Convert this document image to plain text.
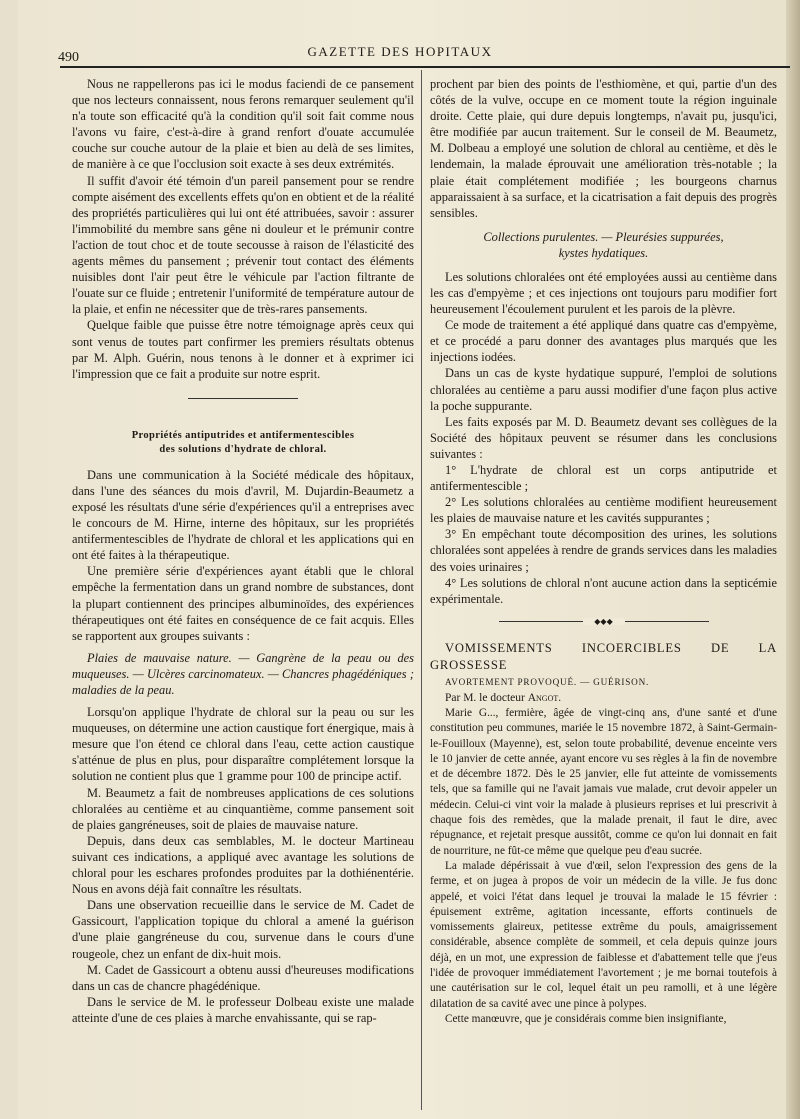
490	GAZETTE DES HOPITAUX

Nous ne rappellerons pas ici le modus faciendi de ce pansement que nos lecteurs connaissent, nous ferons remarquer seulement qu'il n'a toute son efficacité qu'à la condition qu'il soit fait comme nous l'avons vu faire, c'est-à-dire à grand renfort d'ouate accumulée couche sur couche autour de la plaie et bien au delà de ses limites, de manière à ce que l'occlusion soit exacte à ses deux extrémités.

Il suffit d'avoir été témoin d'un pareil pansement pour se rendre compte aisément des excellents effets qu'on en obtient et de la réalité des propriétés particulières qui lui ont été attribuées, savoir : assurer l'immobilité du membre sans gêne ni douleur et le prémunir contre l'action de tout choc et de toute secousse à raison de l'élasticité des agents mêmes du pansement ; prévenir tout contact des éléments nuisibles dont l'air peut être le véhicule par l'action filtrante de l'ouate sur ce fluide ; entretenir l'uniformité de température autour de la plaie, et enfin ne nécessiter que de très-rares pansements.

Quelque faible que puisse être notre témoignage après ceux qui sont venus de toutes part confirmer les premiers résultats obtenus par M. Alph. Guérin, nous tenons à le donner et à exprimer ici l'impression que ce fait a produite sur notre esprit.

Propriétés antiputrides et antifermentescibles
des solutions d'hydrate de chloral.

Dans une communication à la Société médicale des hôpitaux, dans l'une des séances du mois d'avril, M. Dujardin-Beaumetz a exposé les résultats d'une série d'expériences qu'il a entreprises avec le concours de M. Hirne, interne des hôpitaux, sur les propriétés antifermentescibles de l'hydrate de chloral et les applications qui en ont été faites à la thérapeutique.

Une première série d'expériences ayant établi que le chloral empêche la fermentation dans un grand nombre de substances, dont la plupart contiennent des principes albuminoïdes, des expériences thérapeutiques ont été faites en conséquence de ce fait acquis. Elles se rapportent aux groupes suivants :

Plaies de mauvaise nature. — Gangrène de la peau ou des muqueuses. — Ulcères carcinomateux. — Chancres phagédéniques ; maladies de la peau.

Lorsqu'on applique l'hydrate de chloral sur la peau ou sur les muqueuses, on détermine une action caustique fort énergique, mais à mesure que l'on étend ce chloral dans l'eau, cette action caustique s'atténue de plus en plus, pour disparaître complétement lorsque la solution ne contient plus que 1 gramme pour 100 de principe actif.

M. Beaumetz a fait de nombreuses applications de ces solutions chloralées au centième et au cinquantième, comme pansement soit de plaies gangréneuses, soit de plaies de mauvaise nature.

Depuis, dans deux cas semblables, M. le docteur Martineau suivant ces indications, a appliqué avec avantage les solutions de chloral pour les eschares profondes produites par la dothiénentérie. Nous en avons déjà fait connaître les résultats.

Dans une observation recueillie dans le service de M. Cadet de Gassicourt, l'application topique du chloral a amené la guérison d'une plaie gangréneuse du cou, survenue dans le cours d'une rougeole, chez un enfant de dix-huit mois.

M. Cadet de Gassicourt a obtenu aussi d'heureuses modifications dans un cas de chancre phagédénique.

Dans le service de M. le professeur Dolbeau existe une malade atteinte d'une de ces plaies à marche envahissante, qui se rap-

prochent par bien des points de l'esthiomène, et qui, partie d'un des côtés de la vulve, occupe en ce moment toute la région inguinale droite. Cette plaie, qui dure depuis longtemps, n'avait pu, jusqu'ici, être modifiée par aucun traitement. Sur le conseil de M. Beaumetz, M. Dolbeau a employé une solution de chloral au centième, et dès le lendemain, la malade éprouvait une amélioration très-notable ; la plaie était complétement modifiée ; les bourgeons charnus apparaissaient à sa surface, et la cicatrisation a fait depuis des progrès sensibles.

Collections purulentes. — Pleurésies suppurées,
kystes hydatiques.

Les solutions chloralées ont été employées aussi au centième dans les cas d'empyème ; et ces injections ont toujours paru modifier fort heureusement l'écoulement purulent et les parois de la plèvre.

Ce mode de traitement a été appliqué dans quatre cas d'empyème, et ce procédé a paru donner des avantages plus marqués que les injections iodées.

Dans un cas de kyste hydatique suppuré, l'emploi de solutions chloralées au centième a paru aussi modifier d'une façon plus active la poche suppurante.

Les faits exposés par M. D. Beaumetz devant ses collègues de la Société des hôpitaux peuvent se résumer dans les conclusions suivantes :

1° L'hydrate de chloral est un corps antiputride et antifermentescible ;

2° Les solutions chloralées au centième modifient heureusement les plaies de mauvaise nature et les cavités suppurantes ;

3° En empêchant toute décomposition des urines, les solutions chloralées sont appelées à rendre de grands services dans les maladies des voies urinaires ;

4° Les solutions de chloral n'ont aucune action dans la septicémie expérimentale.

◆◆◆

VOMISSEMENTS INCOERCIBLES DE LA GROSSESSE

AVORTEMENT PROVOQUÉ. — GUÉRISON.

Par M. le docteur Angot.

Marie G..., fermière, âgée de vingt-cinq ans, d'une santé et d'une constitution peu communes, mariée le 15 novembre 1872, à Saint-Germain-le-Fouilloux (Mayenne), est, selon toute probabilité, devenue enceinte vers le 10 janvier de cette année, ayant encore vu ses règles à la fin de novembre et de décembre 1872. Dès le 25 janvier, elle fut atteinte de vomissements tels, que sa famille qui ne l'avait jamais vue malade, crut devoir appeler un médecin. Celui-ci vint voir la malade à plusieurs reprises et lui prescrivit à chaque fois des remèdes, que la malade prenait, il faut le dire, avec répugnance, et rejetait presque aussitôt, comme ce qu'on lui donnait en fait de nourriture, ne fût-ce même que quelque peu d'eau sucrée.

La malade dépérissait à vue d'œil, selon l'expression des gens de la ferme, et on jugea à propos de voir un médecin de la ville. Je fus donc appelé, et voici l'état dans lequel je trouvai la malade le 15 février : épuisement extrême, agitation incessante, efforts continuels de vomissements glaireux, petitesse extrême du pouls, amaigrissement considérable, absence complète de sommeil, et cela depuis quinze jours déjà, en un mot, une expression de faiblesse et d'abattement telle que j'eus l'idée de provoquer immédiatement l'avortement ; je me bornai toutefois à une cautérisation sur le col, lequel était un peu ramolli, et à une légère dilatation de sa cavité avec une pince à polypes.

Cette manœuvre, que je considérais comme bien insignifiante,
